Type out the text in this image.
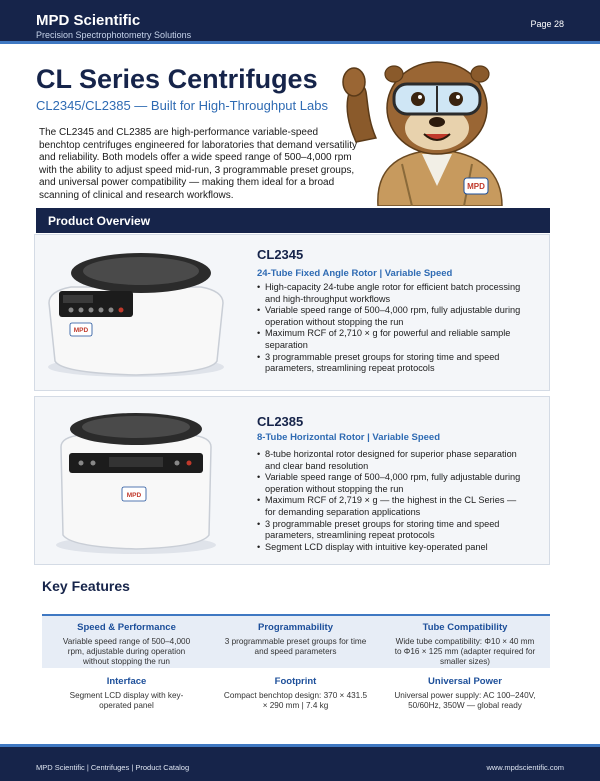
MPD Scientific
Precision Spectrophotometry Solutions
Page 28
CL Series Centrifuges
CL2345/CL2385 — Built for High-Throughput Labs

The CL2345 and CL2385 are high-performance variable-speed benchtop centrifuges engineered for laboratories that demand versatility and reliability. Both models offer a wide speed range of 500–4,000 rpm with the ability to adjust speed mid-run, 3 programmable preset groups, and universal power compatibility — making them ideal for a broad scanning of clinical and research workflows.

MPD
Product Overview
MPD
CL2345
24-Tube Fixed Angle Rotor | Variable Speed
• High-capacity 24-tube angle rotor for efficient batch processing and high-throughput workflows
• Variable speed range of 500–4,000 rpm, fully adjustable during operation without stopping the run
• Maximum RCF of 2,710 × g for powerful and reliable sample separation
• 3 programmable preset groups for storing time and speed parameters, streamlining repeat protocols
MPD
CL2385
8-Tube Horizontal Rotor | Variable Speed
• 8-tube horizontal rotor designed for superior phase separation and clear band resolution
• Variable speed range of 500–4,000 rpm, fully adjustable during operation without stopping the run
• Maximum RCF of 2,719 × g — the highest in the CL Series — for demanding separation applications
• 3 programmable preset groups for storing time and speed parameters, streamlining repeat protocols
• Segment LCD display with intuitive key-operated panel
Key Features
Speed & Performance
Variable speed range of 500–4,000 rpm, adjustable during operation without stopping the run
Programmability
3 programmable preset groups for time and speed parameters
Tube Compatibility
Wide tube compatibility: Φ10 × 40 mm to Φ16 × 125 mm (adapter required for smaller sizes)
Interface
Segment LCD display with key-operated panel
Footprint
Compact benchtop design: 370 × 431.5 × 290 mm | 7.4 kg
Universal Power
Universal power supply: AC 100–240V, 50/60Hz, 350W — global ready
MPD Scientific | Centrifuges | Product Catalog	www.mpdscientific.com
